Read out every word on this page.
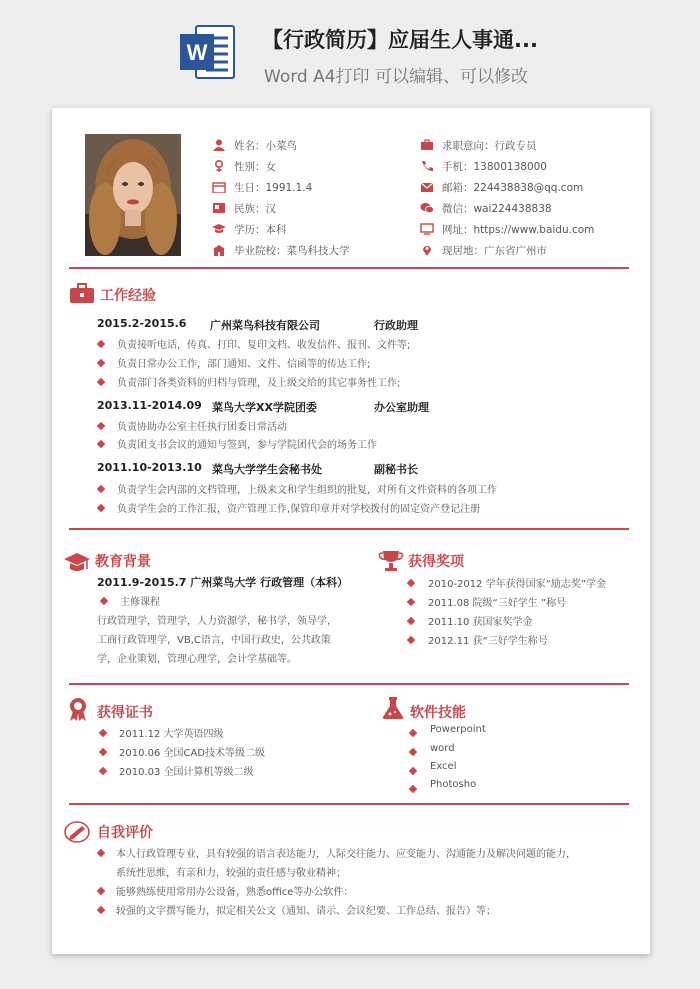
W	【行政简历】应届生人事通...
Word A4打印 可以编辑、可以修改
姓名：小菜鸟
性别：女
生日：1991.1.4
民族：汉
学历：本科
毕业院校：菜鸟科技大学
求职意向：行政专员
手机：13800138000
邮箱：224438838@qq.com
微信：wai224438838
网址：https://www.baidu.com
现居地：广东省广州市
工作经验
2015.2-2015.6 广州菜鸟科技有限公司	行政助理
负责接听电话，传真、打印、复印文档、收发信件、报刊、文件等;
负责日常办公工作，部门通知、文件、信函等的传达工作;
负责部门各类资料的归档与管理，及上级交给的其它事务性工作;
2013.11-2014.09 菜鸟大学XX学院团委	办公室助理
负责协助办公室主任执行团委日常活动
负责团支书会议的通知与签到，参与学院团代会的场务工作
2011.10-2013.10 菜鸟大学学生会秘书处	副秘书长
负责学生会内部的文档管理，上级来文和学生组织的批复，对所有文件资料的各项工作
负责学生会的工作汇报，资产管理工作,保管印章并对学校拨付的固定资产登记注册
教育背景
2011.9-2015.7 广州菜鸟大学 行政管理（本科）
主修课程
行政管理学，管理学，人力资源学，秘书学，领导学，
工商行政管理学，VB,C语言，中国行政史，公共政策
学，企业策划，管理心理学，会计学基础等。
获得奖项
2010-2012 学年获得国家“励志奖”学金
2011.08 院级“三好学生 ”称号
2011.10 获国家奖学金
2012.11 获“三好学生称号
获得证书
2011.12 大学英语四级
2010.06 全国CAD技术等级二级
2010.03 全国计算机等级二级
软件技能
Powerpoint
word
Excel
Photosho
自我评价
本人行政管理专业，具有较强的语言表达能力，人际交往能力、应变能力、沟通能力及解决问题的能力，
系统性思维，有亲和力，较强的责任感与敬业精神；
能够熟练使用常用办公设备，熟悉office等办公软件：
较强的文字撰写能力，拟定相关公文（通知、请示、会议纪要、工作总结、报告）等；
